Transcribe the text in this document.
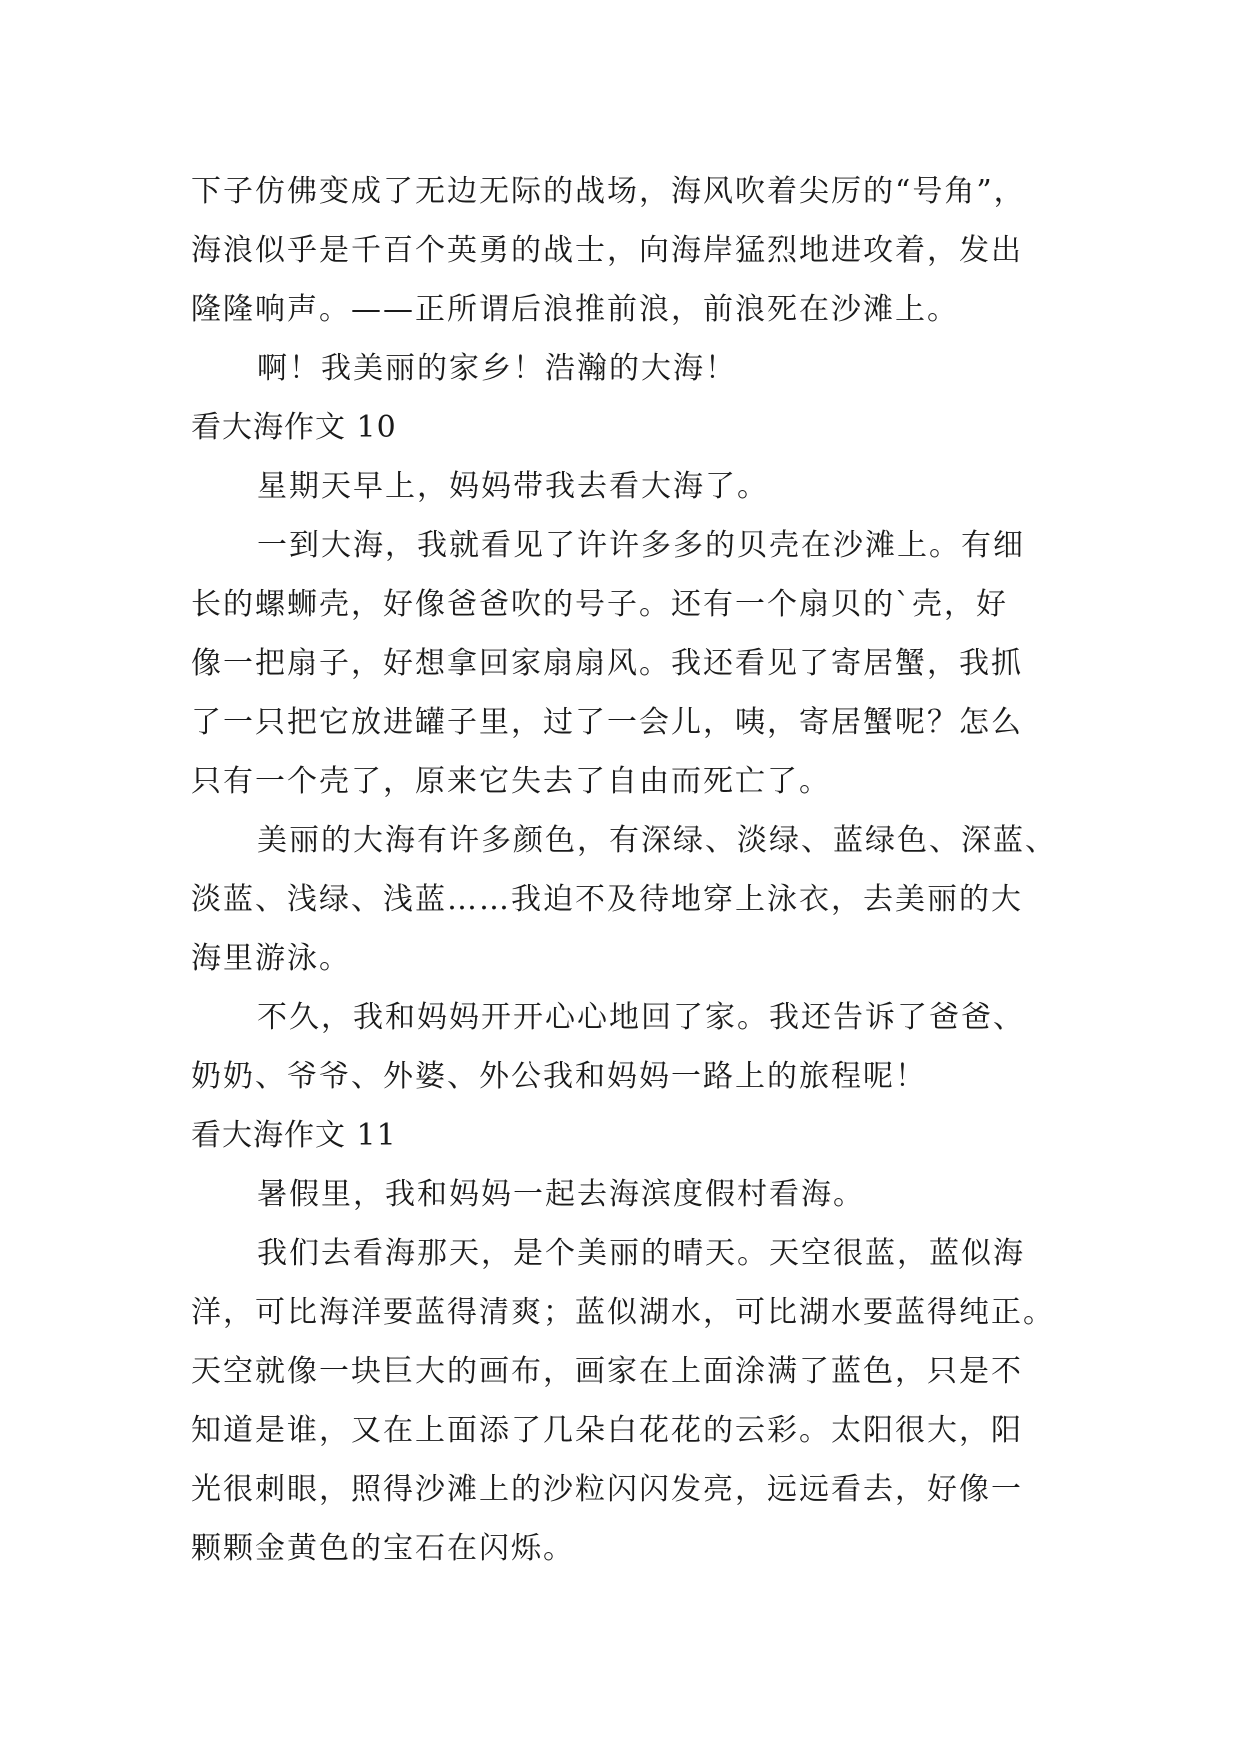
下子仿佛变成了无边无际的战场，海风吹着尖厉的“号角”，
海浪似乎是千百个英勇的战士，向海岸猛烈地进攻着，发出
隆隆响声。——正所谓后浪推前浪，前浪死在沙滩上。
啊！我美丽的家乡！浩瀚的大海！
看大海作文 10
星期天早上，妈妈带我去看大海了。
一到大海，我就看见了许许多多的贝壳在沙滩上。有细
长的螺蛳壳，好像爸爸吹的号子。还有一个扇贝的`壳，好
像一把扇子，好想拿回家扇扇风。我还看见了寄居蟹，我抓
了一只把它放进罐子里，过了一会儿，咦，寄居蟹呢？怎么
只有一个壳了，原来它失去了自由而死亡了。
美丽的大海有许多颜色，有深绿、淡绿、蓝绿色、深蓝、
淡蓝、浅绿、浅蓝……我迫不及待地穿上泳衣，去美丽的大
海里游泳。
不久，我和妈妈开开心心地回了家。我还告诉了爸爸、
奶奶、爷爷、外婆、外公我和妈妈一路上的旅程呢！
看大海作文 11
暑假里，我和妈妈一起去海滨度假村看海。
我们去看海那天，是个美丽的晴天。天空很蓝，蓝似海
洋，可比海洋要蓝得清爽；蓝似湖水，可比湖水要蓝得纯正。
天空就像一块巨大的画布，画家在上面涂满了蓝色，只是不
知道是谁，又在上面添了几朵白花花的云彩。太阳很大，阳
光很刺眼，照得沙滩上的沙粒闪闪发亮，远远看去，好像一
颗颗金黄色的宝石在闪烁。
